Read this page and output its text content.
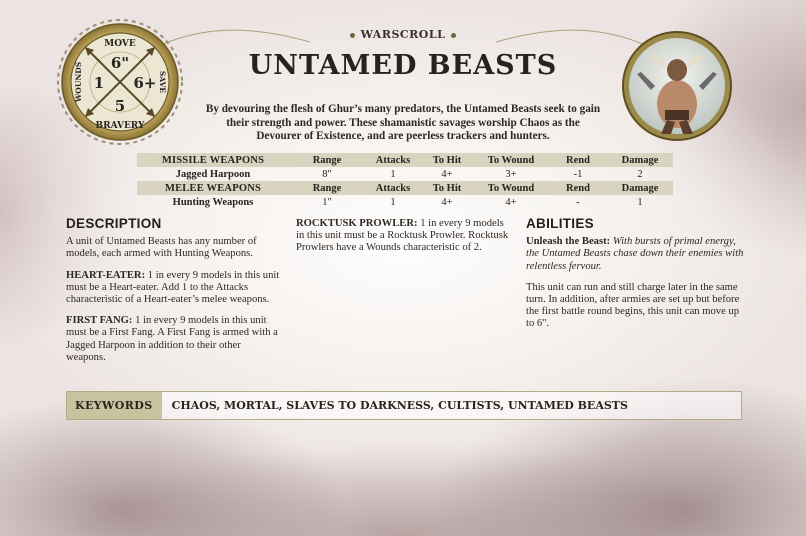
WARSCROLL
UNTAMED BEASTS
By devouring the flesh of Ghur’s many predators, the Untamed Beasts seek to gain their strength and power. These shamanistic savages worship Chaos as the Devourer of Existence, and are peerless trackers and hunters.
MOVE
6"
1 6+
5
BRAVERY
WOUNDS	SAVE
MISSILE WEAPONS	Range	Attacks	To Hit	To Wound	Rend	Damage
Jagged Harpoon	8"	1	4+	3+	-1	2
MELEE WEAPONS	Range	Attacks	To Hit	To Wound	Rend	Damage
Hunting Weapons	1"	1	4+	4+	-	1
DESCRIPTION

A unit of Untamed Beasts has any number of models, each armed with Hunting Weapons.

HEART-EATER: 1 in every 9 models in this unit must be a Heart-eater. Add 1 to the Attacks characteristic of a Heart-eater’s melee weapons.

FIRST FANG: 1 in every 9 models in this unit must be a First Fang. A First Fang is armed with a Jagged Harpoon in addition to their other weapons.

ROCKTUSK PROWLER: 1 in every 9 models in this unit must be a Rocktusk Prowler. Rocktusk Prowlers have a Wounds characteristic of 2.

ABILITIES

Unleash the Beast: With bursts of primal energy, the Untamed Beasts chase down their enemies with relentless fervour.

This unit can run and still charge later in the same turn. In addition, after armies are set up but before the first battle round begins, this unit can move up to 6".

KEYWORDS	CHAOS, MORTAL, SLAVES TO DARKNESS, CULTISTS, UNTAMED BEASTS
